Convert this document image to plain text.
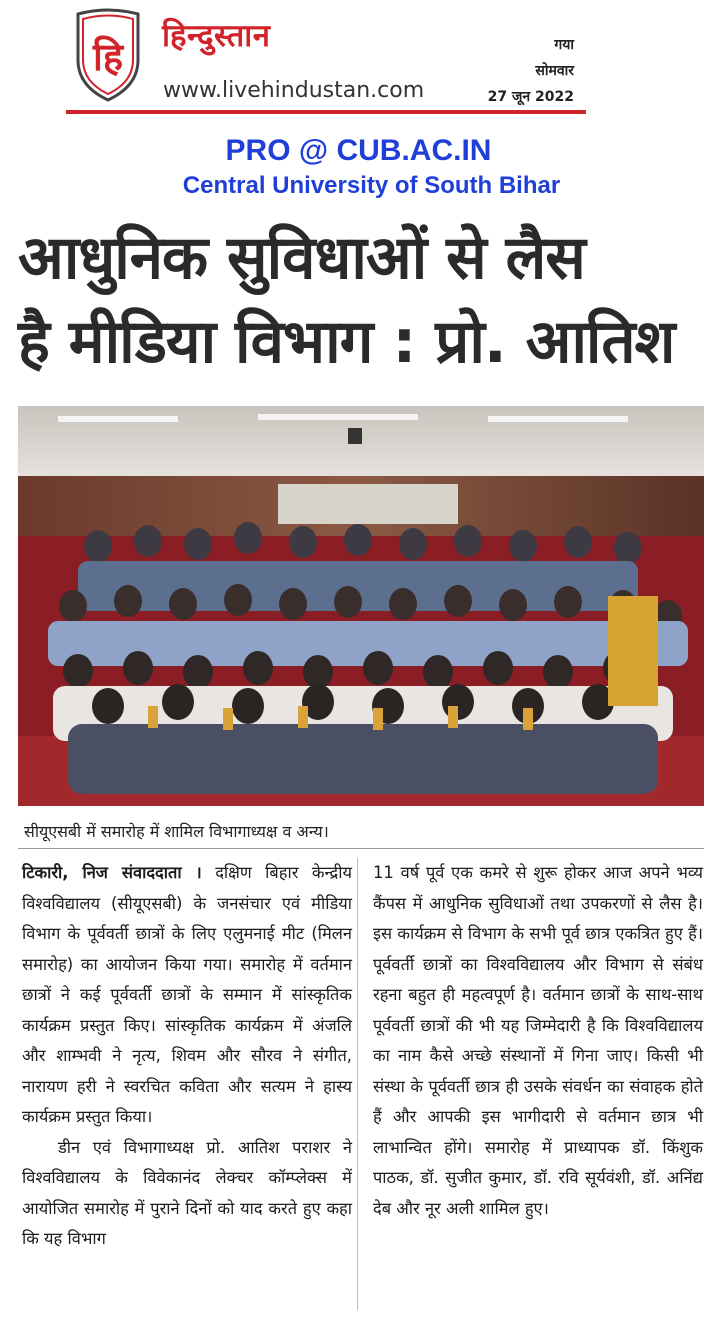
हि हिन्दुस्तान
www.livehindustan.com
गया
सोमवार
27 जून 2022
PRO @ CUB.AC.IN
Central University of South Bihar
आधुनिक सुविधाओं से लैस
है मीडिया विभाग : प्रो. आतिश
सीयूएसबी में समारोह में शामिल विभागाध्यक्ष व अन्य।

टिकारी, निज संवाददाता । दक्षिण बिहार केन्द्रीय विश्वविद्यालय (सीयूएसबी) के जनसंचार एवं मीडिया विभाग के पूर्ववर्ती छात्रों के लिए एलुमनाई मीट (मिलन समारोह) का आयोजन किया गया। समारोह में वर्तमान छात्रों ने कई पूर्ववर्ती छात्रों के सम्मान में सांस्कृतिक कार्यक्रम प्रस्तुत किए। सांस्कृतिक कार्यक्रम में अंजलि और शाम्भवी ने नृत्य, शिवम और सौरव ने संगीत, नारायण हरी ने स्वरचित कविता और सत्यम ने हास्य कार्यक्रम प्रस्तुत किया।

डीन एवं विभागाध्यक्ष प्रो. आतिश पराशर ने विश्वविद्यालय के विवेकानंद लेक्चर कॉम्प्लेक्स में आयोजित समारोह में पुराने दिनों को याद करते हुए कहा कि यह विभाग

11 वर्ष पूर्व एक कमरे से शुरू होकर आज अपने भव्य कैंपस में आधुनिक सुविधाओं तथा उपकरणों से लैस है। इस कार्यक्रम से विभाग के सभी पूर्व छात्र एकत्रित हुए हैं। पूर्ववर्ती छात्रों का विश्वविद्यालय और विभाग से संबंध रहना बहुत ही महत्वपूर्ण है। वर्तमान छात्रों के साथ-साथ पूर्ववर्ती छात्रों की भी यह जिम्मेदारी है कि विश्वविद्यालय का नाम कैसे अच्छे संस्थानों में गिना जाए। किसी भी संस्था के पूर्ववर्ती छात्र ही उसके संवर्धन का संवाहक होते हैं और आपकी इस भागीदारी से वर्तमान छात्र भी लाभान्वित होंगे। समारोह में प्राध्यापक डॉ. किंशुक पाठक, डॉ. सुजीत कुमार, डॉ. रवि सूर्यवंशी, डॉ. अनिंद्य देब और नूर अली शामिल हुए।
